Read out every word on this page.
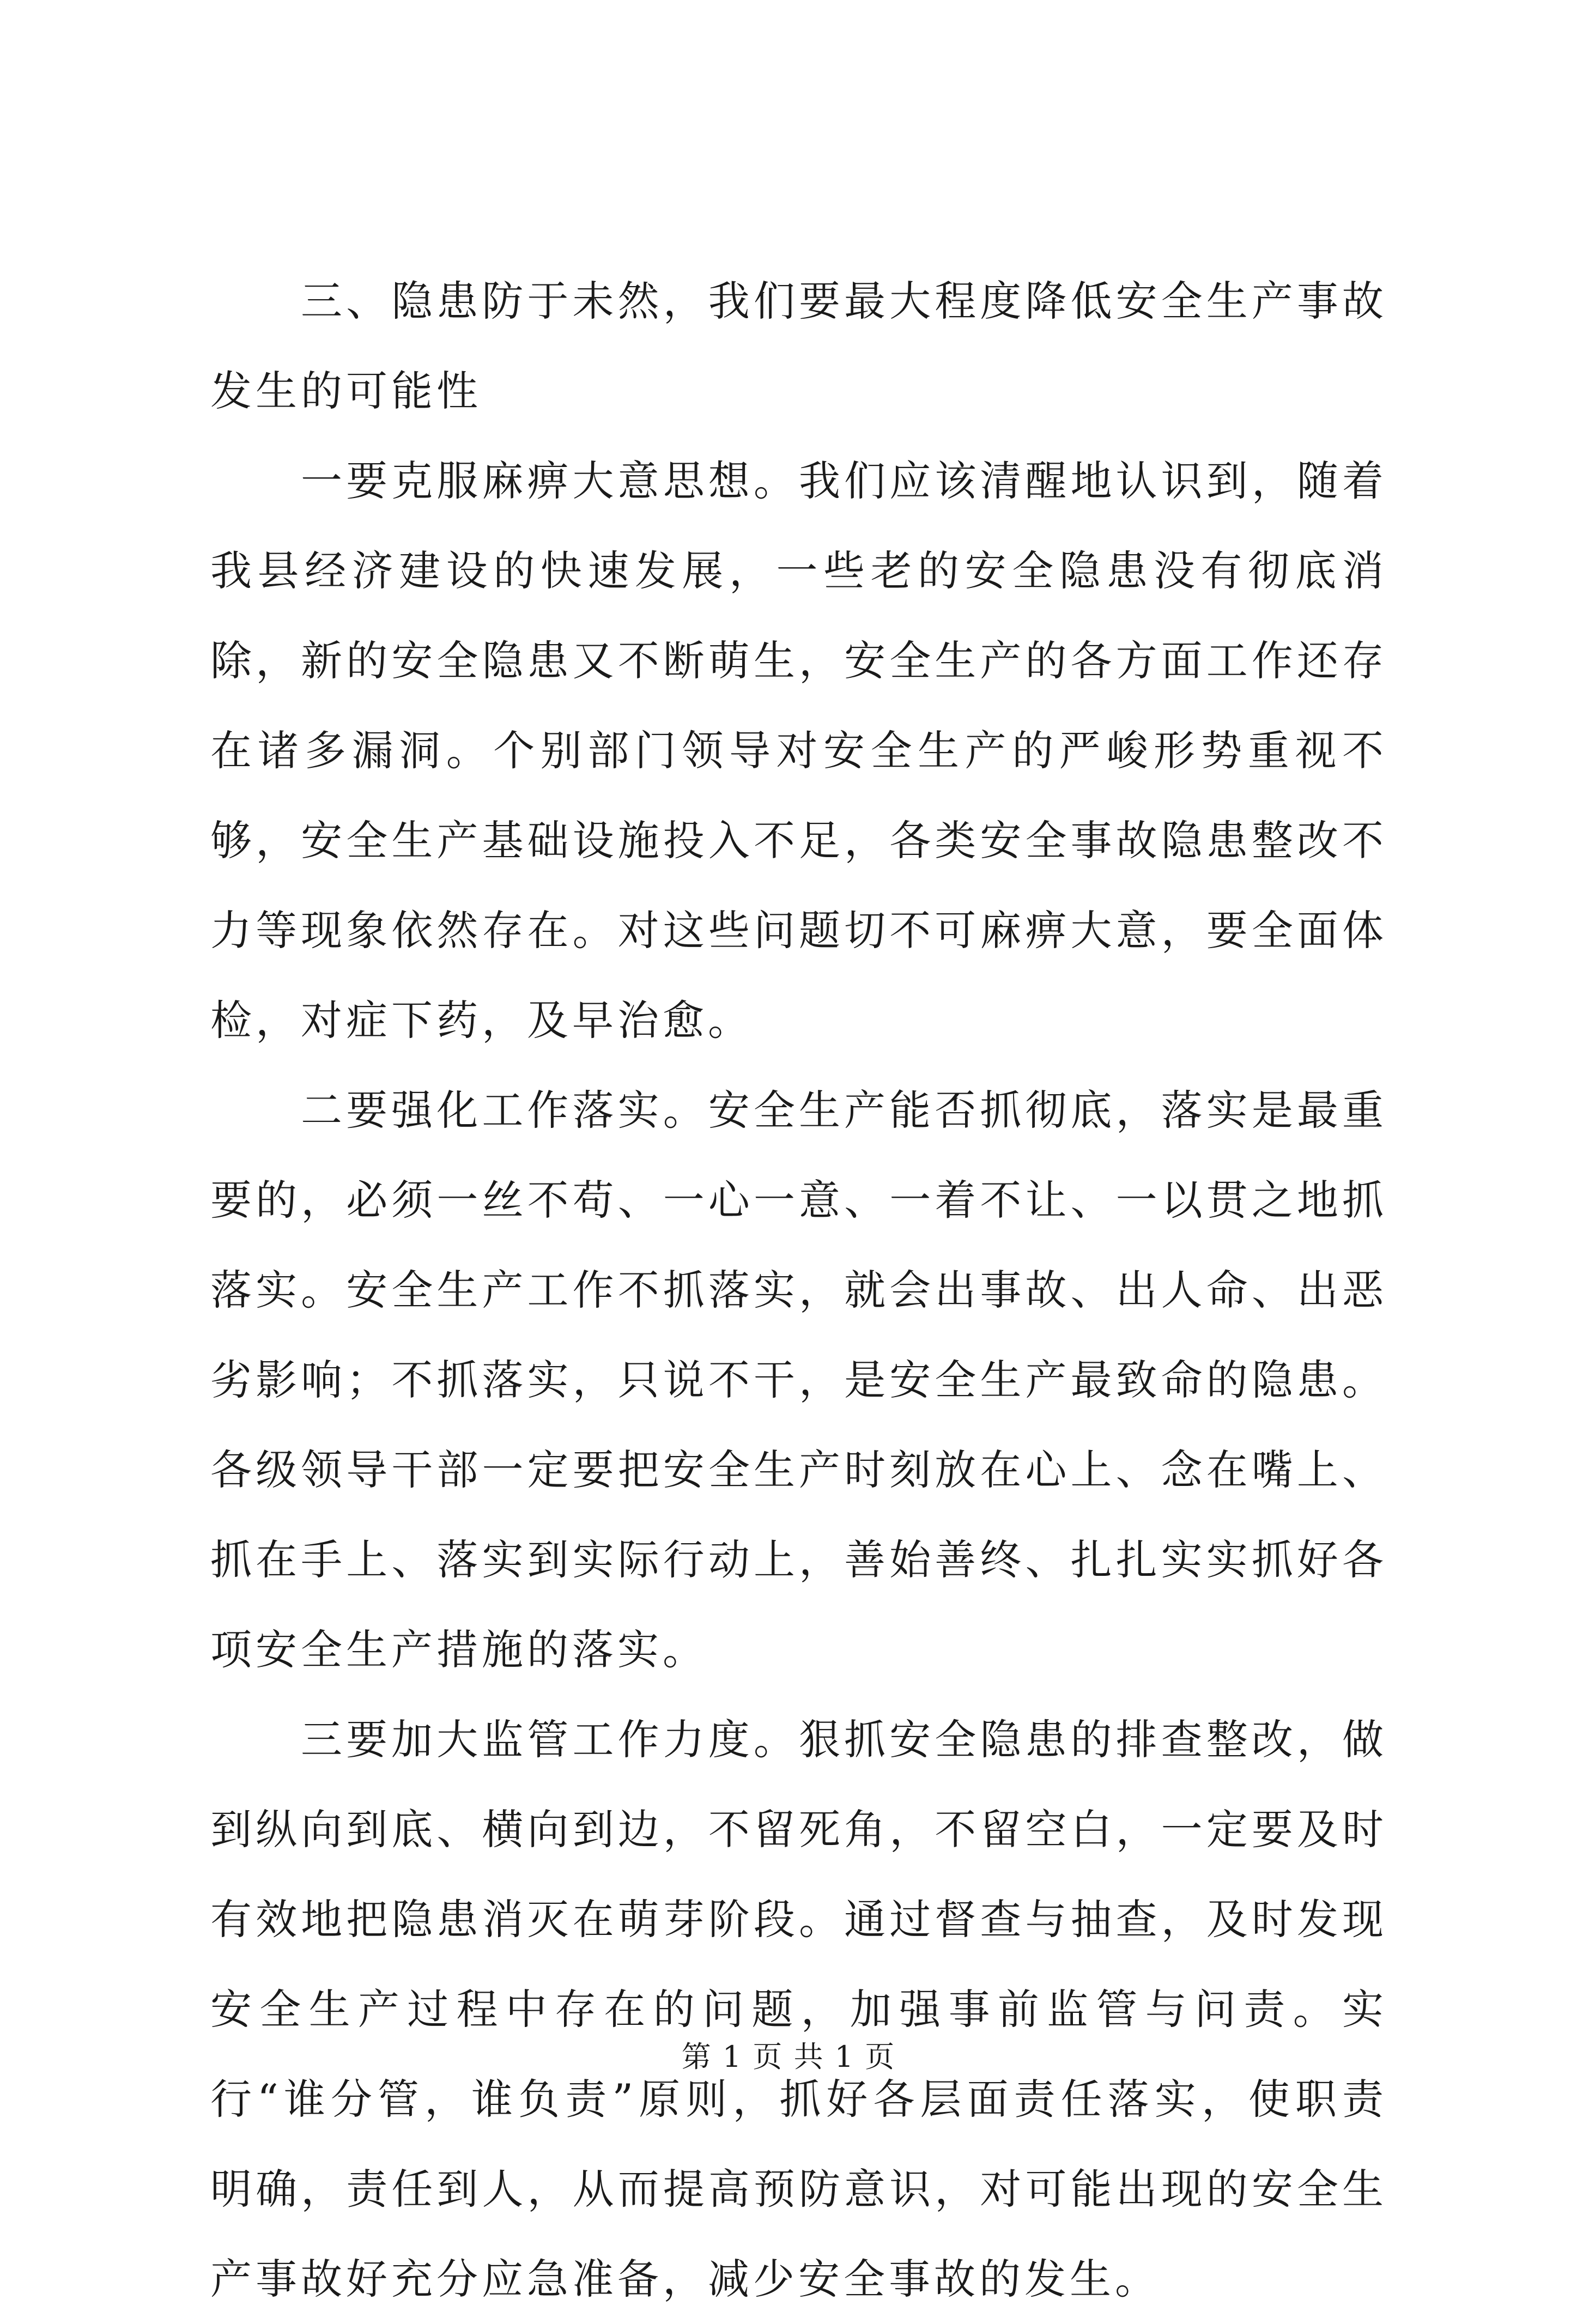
三、隐患防于未然，我们要最大程度降低安全生产事故发生的可能性

一要克服麻痹大意思想。我们应该清醒地认识到，随着我县经济建设的快速发展，一些老的安全隐患没有彻底消除，新的安全隐患又不断萌生，安全生产的各方面工作还存在诸多漏洞。个别部门领导对安全生产的严峻形势重视不够，安全生产基础设施投入不足，各类安全事故隐患整改不力等现象依然存在。对这些问题切不可麻痹大意，要全面体检，对症下药，及早治愈。

二要强化工作落实。安全生产能否抓彻底，落实是最重要的，必须一丝不苟、一心一意、一着不让、一以贯之地抓落实。安全生产工作不抓落实，就会出事故、出人命、出恶劣影响；不抓落实，只说不干，是安全生产最致命的隐患。各级领导干部一定要把安全生产时刻放在心上、念在嘴上、抓在手上、落实到实际行动上，善始善终、扎扎实实抓好各项安全生产措施的落实。

三要加大监管工作力度。狠抓安全隐患的排查整改，做到纵向到底、横向到边，不留死角，不留空白，一定要及时有效地把隐患消灭在萌芽阶段。通过督查与抽查，及时发现安全生产过程中存在的问题，加强事前监管与问责。实行“谁分管，谁负责”原则，抓好各层面责任落实，使职责明确，责任到人，从而提高预防意识，对可能出现的安全生产事故好充分应急准备，减少安全事故的发生。

第 1 页 共 1 页
